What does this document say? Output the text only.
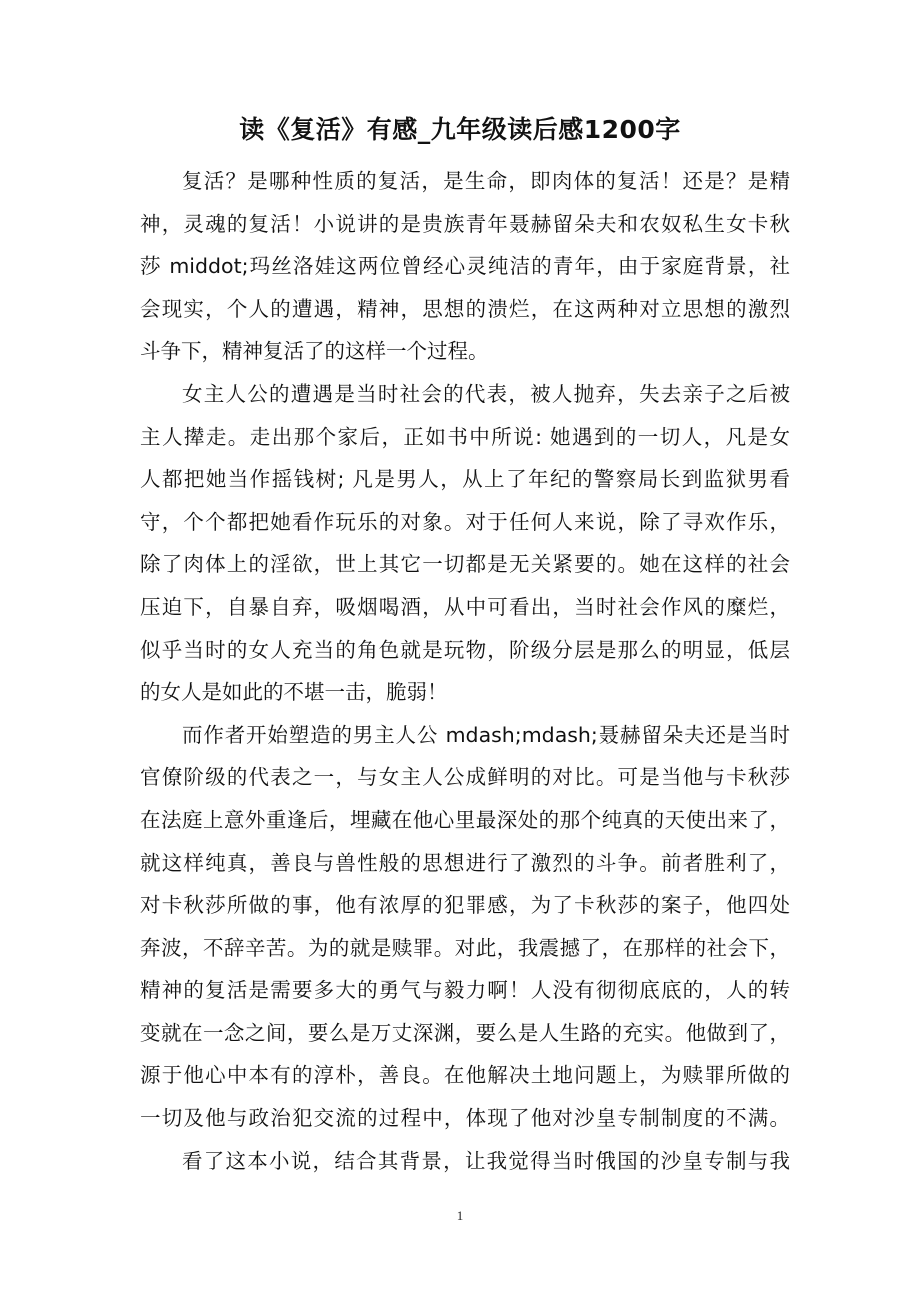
读《复活》有感_九年级读后感1200字
复活？是哪种性质的复活，是生命，即肉体的复活！还是？是精
神，灵魂的复活！小说讲的是贵族青年聂赫留朵夫和农奴私生女卡秋
莎 middot;玛丝洛娃这两位曾经心灵纯洁的青年，由于家庭背景，社
会现实，个人的遭遇，精神，思想的溃烂，在这两种对立思想的激烈
斗争下，精神复活了的这样一个过程。
女主人公的遭遇是当时社会的代表，被人抛弃，失去亲子之后被
主人撵走。走出那个家后，正如书中所说: 她遇到的一切人，凡是女
人都把她当作摇钱树; 凡是男人，从上了年纪的警察局长到监狱男看
守，个个都把她看作玩乐的对象。对于任何人来说，除了寻欢作乐，
除了肉体上的淫欲，世上其它一切都是无关紧要的。她在这样的社会
压迫下，自暴自弃，吸烟喝酒，从中可看出，当时社会作风的糜烂，
似乎当时的女人充当的角色就是玩物，阶级分层是那么的明显，低层
的女人是如此的不堪一击，脆弱！
而作者开始塑造的男主人公 mdash;mdash;聂赫留朵夫还是当时
官僚阶级的代表之一，与女主人公成鲜明的对比。可是当他与卡秋莎
在法庭上意外重逢后，埋藏在他心里最深处的那个纯真的天使出来了，
就这样纯真，善良与兽性般的思想进行了激烈的斗争。前者胜利了，
对卡秋莎所做的事，他有浓厚的犯罪感，为了卡秋莎的案子，他四处
奔波，不辞辛苦。为的就是赎罪。对此，我震撼了，在那样的社会下，
精神的复活是需要多大的勇气与毅力啊！人没有彻彻底底的，人的转
变就在一念之间，要么是万丈深渊，要么是人生路的充实。他做到了，
源于他心中本有的淳朴，善良。在他解决土地问题上，为赎罪所做的
一切及他与政治犯交流的过程中，体现了他对沙皇专制制度的不满。
看了这本小说，结合其背景，让我觉得当时俄国的沙皇专制与我
1
